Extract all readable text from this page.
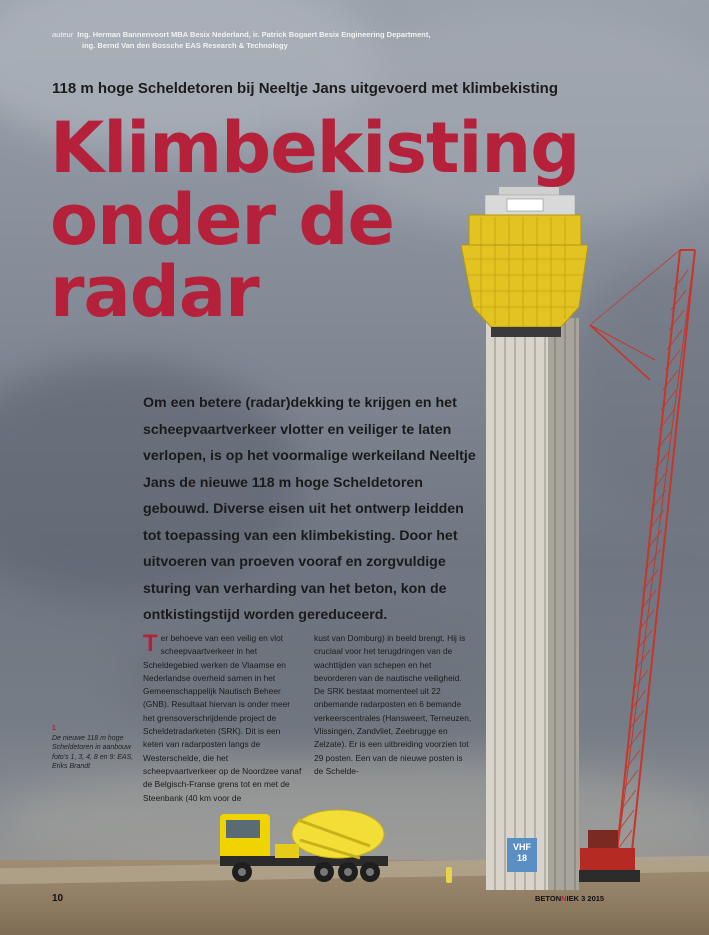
VHF
18
auteur Ing. Herman Bannenvoort MBA Besix Nederland, ir. Patrick Bogaert Besix Engineering Department,
ing. Bernd Van den Bossche EAS Research & Technology
118 m hoge Scheldetoren bij Neeltje Jans uitgevoerd met klimbekisting
Klimbekisting
onder de
radar
Om een betere (radar)dekking te krijgen en het scheepvaartverkeer vlotter en veiliger te laten verlopen, is op het voormalige werkeiland Neeltje Jans de nieuwe 118 m hoge Scheldetoren gebouwd. Diverse eisen uit het ontwerp leidden tot toepassing van een klimbekisting. Door het uitvoeren van proeven vooraf en zorgvuldige sturing van verharding van het beton, kon de ontkistingstijd worden gereduceerd.
Ter behoeve van een veilig en vlot scheepvaartverkeer in het Scheldegebied werken de Vlaamse en Nederlandse overheid samen in het Gemeenschappelijk Nautisch Beheer (GNB). Resultaat hiervan is onder meer het grensoverschrijdende project de Scheldetradarketen (SRK). Dit is een keten van radarposten langs de Westerschelde, die het scheepvaartverkeer op de Noordzee vanaf de Belgisch-Franse grens tot en met de Steenbank (40 km voor de
kust van Domburg) in beeld brengt. Hij is cruciaal voor het terugdringen van de wachttijden van schepen en het bevorderen van de nautische veiligheid. De SRK bestaat momenteel uit 22 onbemande radarposten en 6 bemande verkeerscentrales (Hansweert, Terneuzen, Vlissingen, Zandvliet, Zeebrugge en Zelzate). Er is een uitbreiding voorzien tot 29 posten. Een van de nieuwe posten is de Schelde-
1
De nieuwe 118 m hoge Scheldetoren in aanbouw
foto’s 1, 3, 4, 8 en 9: EAS, Eriks Brandt
10	BETONNIEK 3 2015
